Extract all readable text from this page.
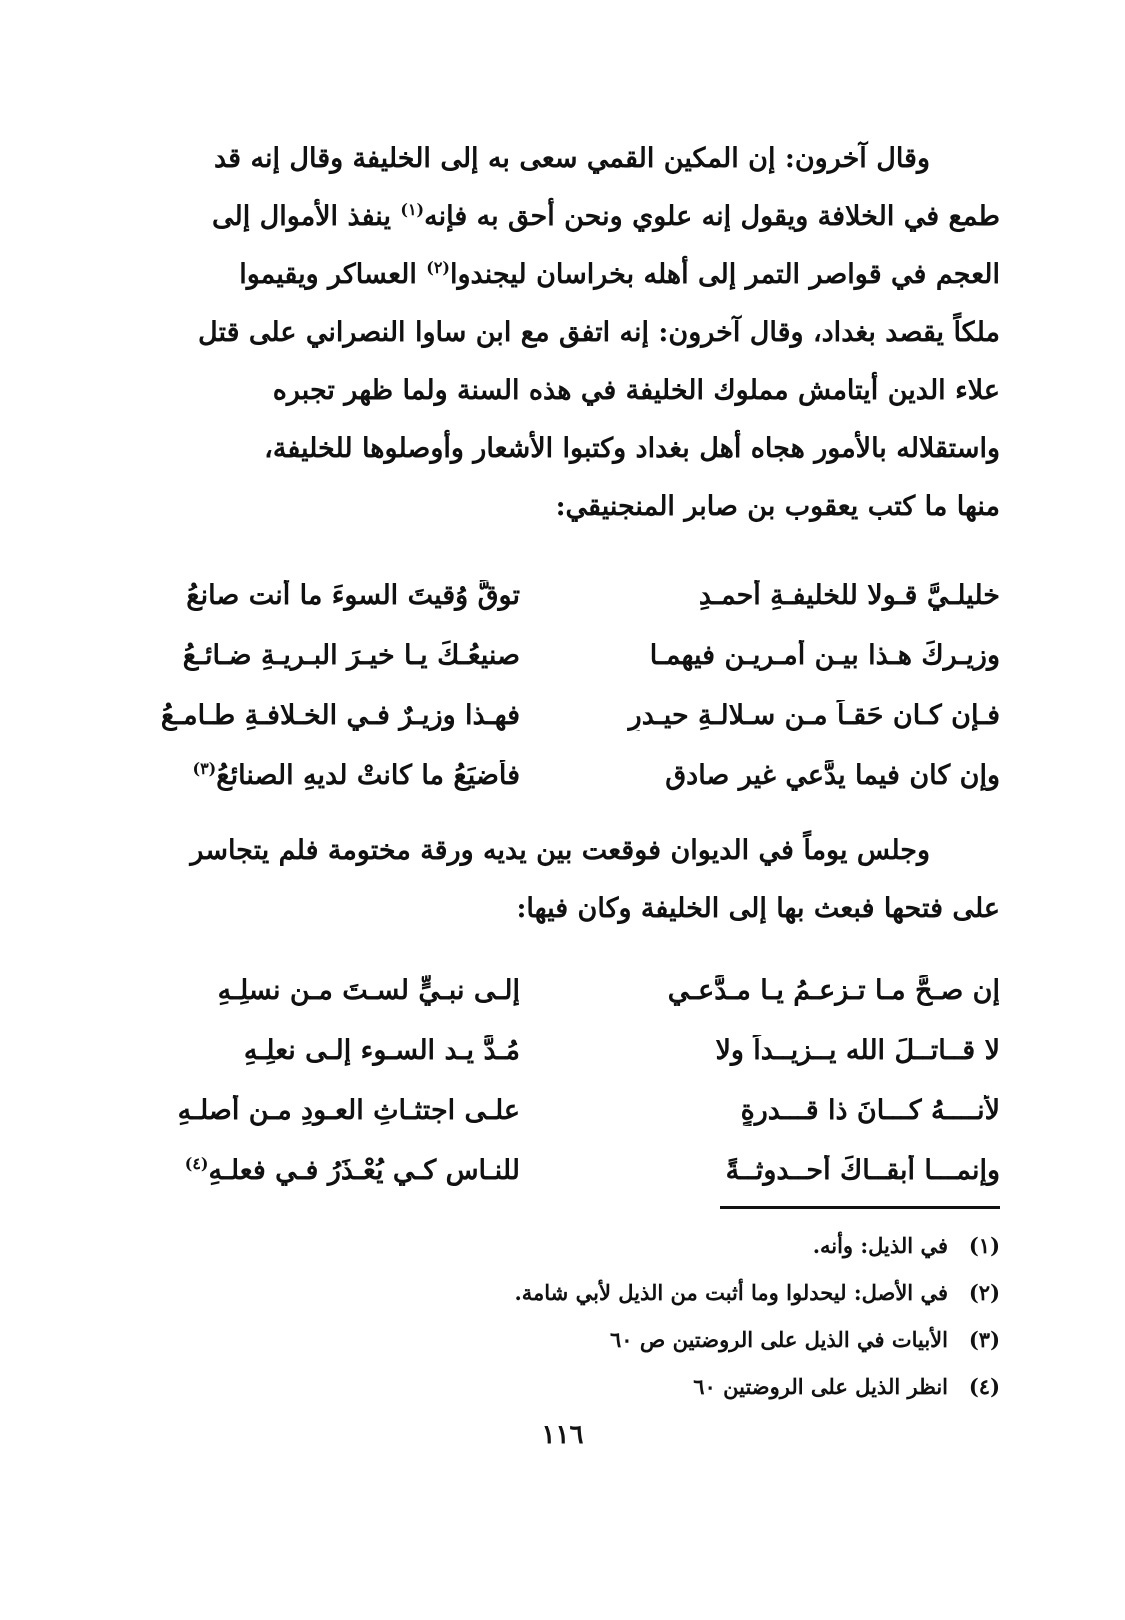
وقال آخرون: إن المكين القمي سعى به إلى الخليفة وقال إنه قد
طمع في الخلافة ويقول إنه علوي ونحن أحق به فإنه$^{(١)}$ ينفذ الأموال إلى
العجم في قواصر التمر إلى أهله بخراسان ليجندوا$^{(٢)}$ العساكر ويقيموا
ملكاً يقصد بغداد، وقال آخرون: إنه اتفق مع ابن ساوا النصراني على قتل
علاء الدين أيتامش مملوك الخليفة في هذه السنة ولما ظهر تجبره
واستقلاله بالأمور هجاه أهل بغداد وكتبوا الأشعار وأوصلوها للخليفة،
منها ما كتب يعقوب بن صابر المنجنيقي:
خليلـيَّ قـولا للخليفـةِ أحمـدِ
توقَّ وُقيتَ السوءَ ما أنت صانعُ
وزيـركَ هـذا بيـن أمـريـنِ فيهمـا
صنيعُـكَ يـا خيـرَ البـريـةِ ضـائـعُ
فـإن كـان حَقـاً مـن سـلالـةِ حيـدرٍ
فهـذا وزيـرٌ فـي الخـلافـةِ طـامـعُ
وإن كان فيما يدَّعي غير صادقٍ
فأضيَعُ ما كانتْ لديهِ الصنائعُ$^{(٣)}$
وجلس يوماً في الديوان فوقعت بين يديه ورقة مختومة فلم يتجاسر
على فتحها فبعث بها إلى الخليفة وكان فيها:
إن صـحَّ مـا تـزعـمُ يـا مـدَّعـي
إلـى نبـيٍّ لسـتَ مـن نسلِـهِ
لا قــاتــلَ الله يــزيــداً ولا
مُـدَّ يـد السـوء إلـى نعلِـهِ
لأنــــهُ كـــانَ ذا قـــدرةٍ
علـى اجتثـاثِ العـودِ مـن أصلـهِ
وإنمـــا أبقــاكَ أحــدوثــةً
للنـاسِ كـي يُعْـذَرُ فـي فعلـهِ$^{(٤)}$
(١)في الذيل: وأنه.
(٢)في الأصل: ليحدلوا وما أثبت من الذيل لأبي شامة.
(٣)الأبيات في الذيل على الروضتين ص ٦٠
(٤)انظر الذيل على الروضتين ٦٠
١١٦
